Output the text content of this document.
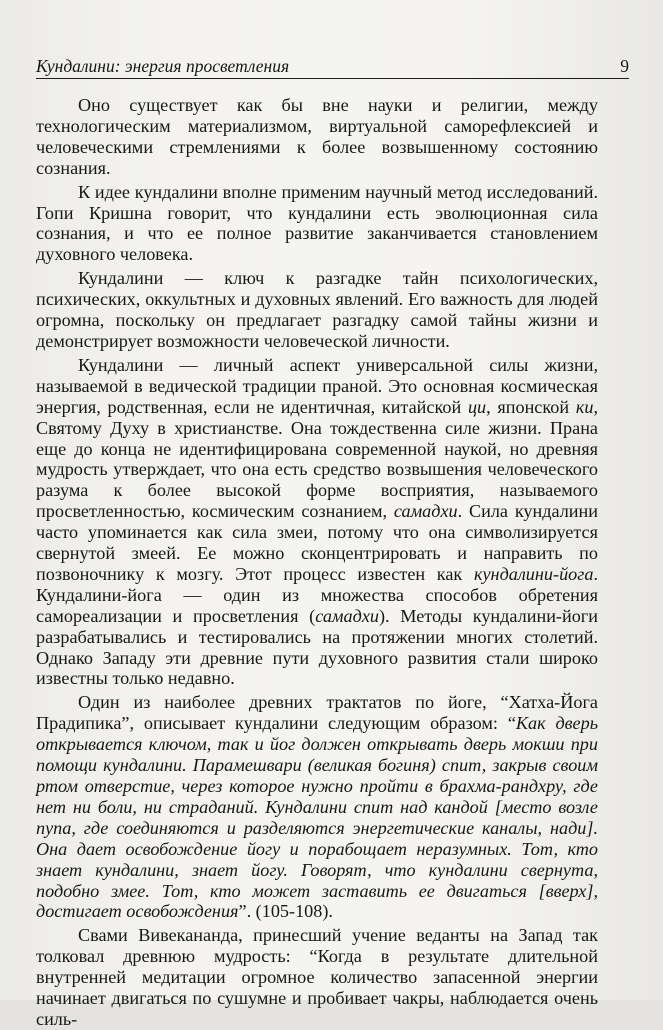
Кундалини: энергия просветления	9

Оно существует как бы вне науки и религии, между технологическим материализмом, виртуальной саморефлексией и человеческими стремлениями к более возвышенному состоянию сознания.

К идее кундалини вполне применим научный метод исследований. Гопи Кришна говорит, что кундалини есть эволюционная сила сознания, и что ее полное развитие заканчивается становлением духовного человека.

Кундалини — ключ к разгадке тайн психологических, психических, оккультных и духовных явлений. Его важность для людей огромна, поскольку он предлагает разгадку самой тайны жизни и демонстрирует возможности человеческой личности.

Кундалини — личный аспект универсальной силы жизни, называемой в ведической традиции праной. Это основная космическая энергия, родственная, если не идентичная, китайской ци, японской ки, Святому Духу в христианстве. Она тождественна силе жизни. Прана еще до конца не идентифицирована современной наукой, но древняя мудрость утверждает, что она есть средство возвышения человеческого разума к более высокой форме восприятия, называемого просветленностью, космическим сознанием, самадхи. Сила кундалини часто упоминается как сила змеи, потому что она символизируется свернутой змеей. Ее можно сконцентрировать и направить по позвоночнику к мозгу. Этот процесс известен как кундалини-йога. Кундалини-йога — один из множества способов обретения самореализации и просветления (самадхи). Методы кундалини-йоги разрабатывались и тестировались на протяжении многих столетий. Однако Западу эти древние пути духовного развития стали широко известны только недавно.

Один из наиболее древних трактатов по йоге, “Хатха-Йога Прадипика”, описывает кундалини следующим образом: “Как дверь открывается ключом, так и йог должен открывать дверь мокши при помощи кундалини. Парамешвари (великая богиня) спит, закрыв своим ртом отверстие, через которое нужно пройти в брахма-рандхру, где нет ни боли, ни страданий. Кундалини спит над кандой [место возле пупа, где соединяются и разделяются энергетические каналы, нади]. Она дает освобождение йогу и порабощает неразумных. Тот, кто знает кундалини, знает йогу. Говорят, что кундалини свернута, подобно змее. Тот, кто может заставить ее двигаться [вверх], достигает освобождения”. (105-108).

Свами Вивекананда, принесший учение веданты на Запад так толковал древнюю мудрость: “Когда в результате длительной внутренней медитации огромное количество запасенной энергии начинает двигаться по сушумне и пробивает чакры, наблюдается очень силь-
